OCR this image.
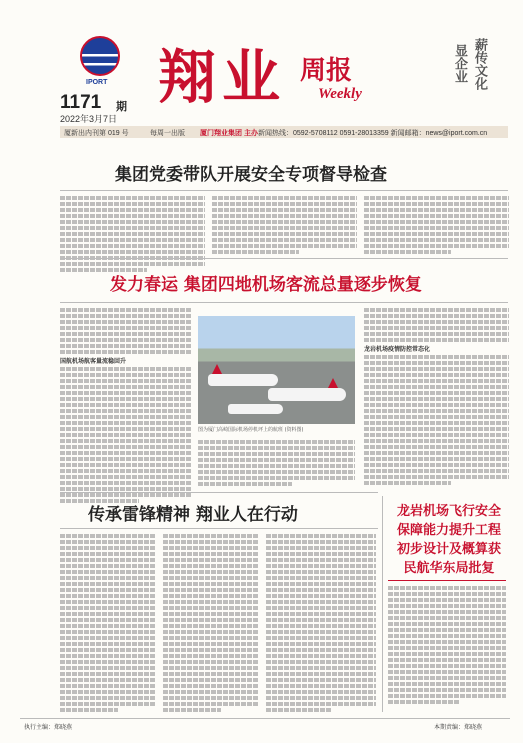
IPORT
1171 期
2022年3月7日
翔业 周报
Weekly
薪传文化
显企业
厦新出内刊第 019 号	每周一出版 厦门翔业集团 主办 新闻热线：0592-5708112 0591-28013359 新闻邮箱：news@iport.com.cn
集团党委带队开展安全专项督导检查
发力春运 集团四地机场客流总量逐步恢复
国航机场航客量流稳回升
图为厦门高崎国际机场停机坪上的航班 (资料图)
龙岩机场疫情防控常态化
传承雷锋精神 翔业人在行动	龙岩机场飞行安全保障能力提升工程初步设计及概算获民航华东局批复
执行主编：郑晓燕	本期责编：郑晓燕
